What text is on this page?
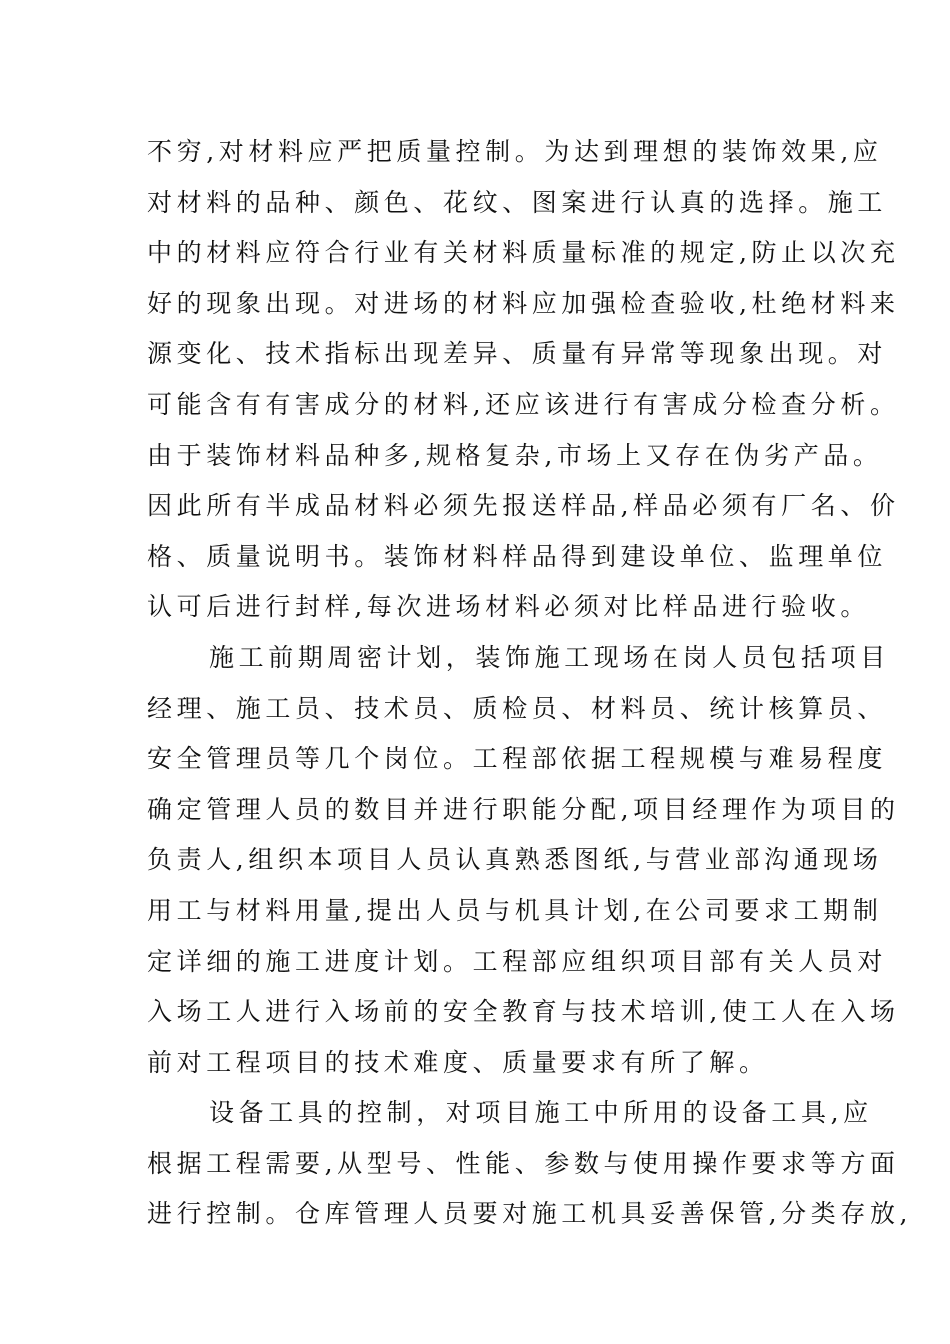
不穷,对材料应严把质量控制。为达到理想的装饰效果,应
对材料的品种、颜色、花纹、图案进行认真的选择。施工
中的材料应符合行业有关材料质量标准的规定,防止以次充
好的现象出现。对进场的材料应加强检查验收,杜绝材料来
源变化、技术指标出现差异、质量有异常等现象出现。对
可能含有有害成分的材料,还应该进行有害成分检查分析。
由于装饰材料品种多,规格复杂,市场上又存在伪劣产品。
因此所有半成品材料必须先报送样品,样品必须有厂名、价
格、质量说明书。装饰材料样品得到建设单位、监理单位
认可后进行封样,每次进场材料必须对比样品进行验收。
施工前期周密计划，装饰施工现场在岗人员包括项目
经理、施工员、技术员、质检员、材料员、统计核算员、
安全管理员等几个岗位。工程部依据工程规模与难易程度
确定管理人员的数目并进行职能分配,项目经理作为项目的
负责人,组织本项目人员认真熟悉图纸,与营业部沟通现场
用工与材料用量,提出人员与机具计划,在公司要求工期制
定详细的施工进度计划。工程部应组织项目部有关人员对
入场工人进行入场前的安全教育与技术培训,使工人在入场
前对工程项目的技术难度、质量要求有所了解。
设备工具的控制，对项目施工中所用的设备工具,应
根据工程需要,从型号、性能、参数与使用操作要求等方面
进行控制。仓库管理人员要对施工机具妥善保管,分类存放,
